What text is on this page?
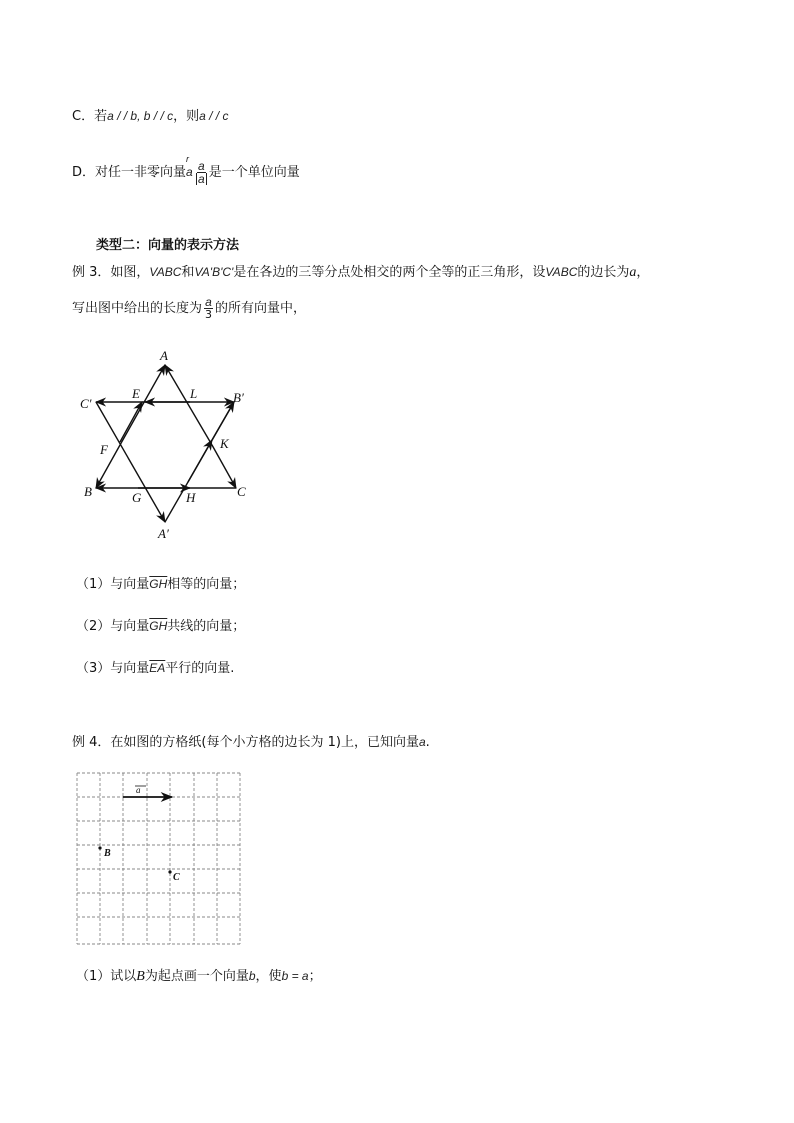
C．若a / / b, b / / c，则a / / c
D．对任一非零向量
r
a $\frac{a}{a}$ 是一个单位向量
类型二：向量的表示方法
例 3．如图，VABC和VA'B'C'是在各边的三等分点处相交的两个全等的正三角形，设VABC的边长为a，
写出图中给出的长度为 $\frac{a}{3}$ 的所有向量中，
A
A′
B
B′
C
C′
E	L
F	K
G	H
（1）与向量$\overline{GH}$相等的向量；
（2）与向量$\overline{GH}$共线的向量；
（3）与向量$\overline{EA}$平行的向量.
例 4．在如图的方格纸(每个小方格的边长为 1)上，已知向量a.
a
B
C
（1）试以B为起点画一个向量b，使b = a；
